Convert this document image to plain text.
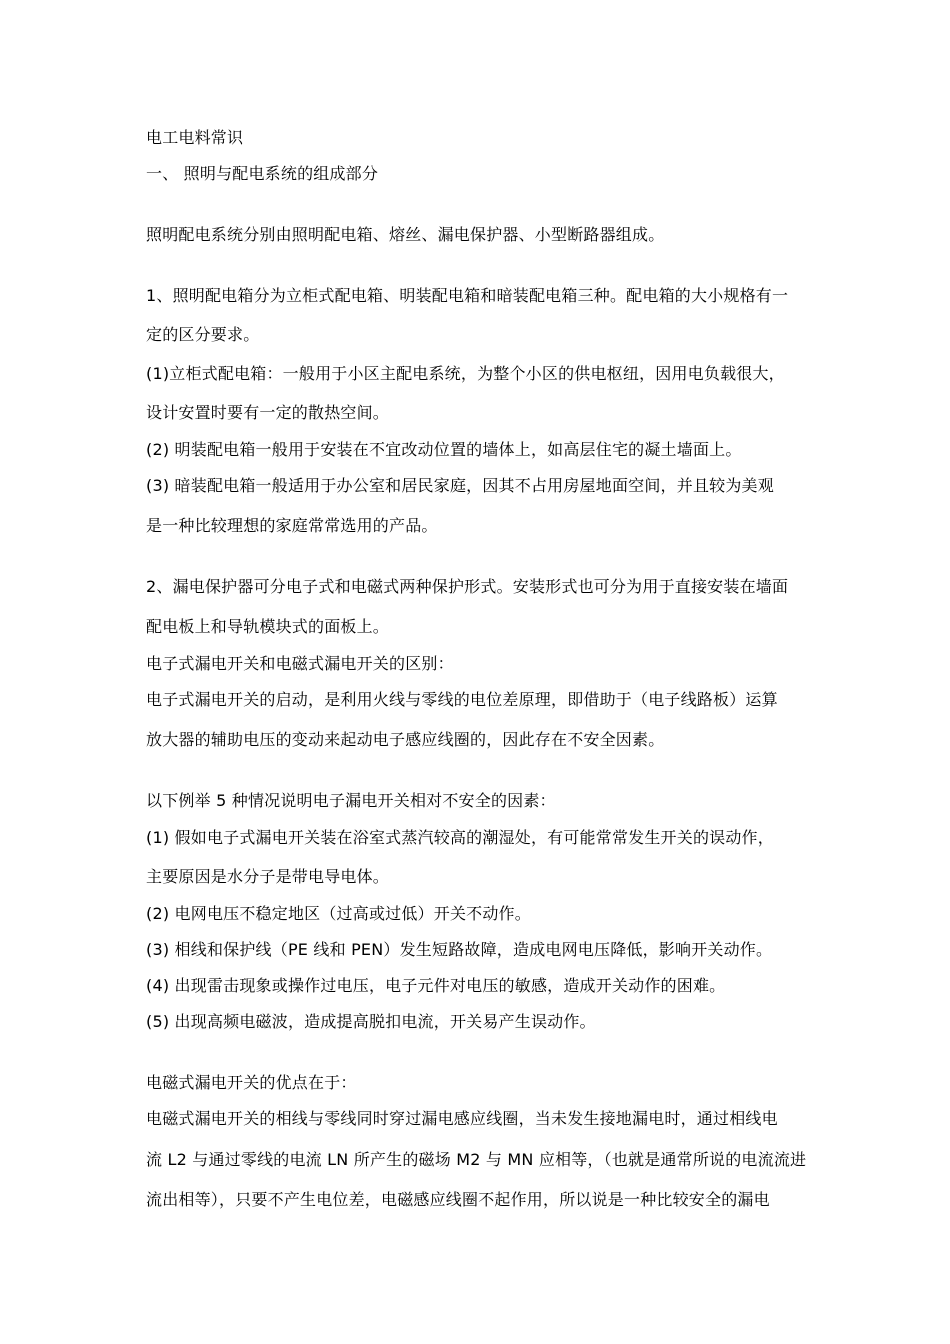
电工电料常识
一、 照明与配电系统的组成部分
照明配电系统分别由照明配电箱、熔丝、漏电保护器、小型断路器组成。
1、照明配电箱分为立柜式配电箱、明装配电箱和暗装配电箱三种。配电箱的大小规格有一
定的区分要求。
(1)立柜式配电箱：一般用于小区主配电系统，为整个小区的供电枢纽，因用电负载很大，
设计安置时要有一定的散热空间。
(2) 明装配电箱一般用于安装在不宜改动位置的墙体上，如高层住宅的凝土墙面上。
(3) 暗装配电箱一般适用于办公室和居民家庭，因其不占用房屋地面空间，并且较为美观
是一种比较理想的家庭常常选用的产品。
2、漏电保护器可分电子式和电磁式两种保护形式。安装形式也可分为用于直接安装在墙面
配电板上和导轨模块式的面板上。
电子式漏电开关和电磁式漏电开关的区别：
电子式漏电开关的启动，是利用火线与零线的电位差原理，即借助于（电子线路板）运算
放大器的辅助电压的变动来起动电子感应线圈的，因此存在不安全因素。
以下例举 5 种情况说明电子漏电开关相对不安全的因素：
(1) 假如电子式漏电开关装在浴室式蒸汽较高的潮湿处，有可能常常发生开关的误动作，
主要原因是水分子是带电导电体。
(2) 电网电压不稳定地区（过高或过低）开关不动作。
(3) 相线和保护线（PE 线和 PEN）发生短路故障，造成电网电压降低，影响开关动作。
(4) 出现雷击现象或操作过电压，电子元件对电压的敏感，造成开关动作的困难。
(5) 出现高频电磁波，造成提高脱扣电流，开关易产生误动作。
电磁式漏电开关的优点在于：
电磁式漏电开关的相线与零线同时穿过漏电感应线圈，当未发生接地漏电时，通过相线电
流 L2 与通过零线的电流 LN 所产生的磁场 M2 与 MN 应相等，（也就是通常所说的电流流进
流出相等），只要不产生电位差，电磁感应线圈不起作用，所以说是一种比较安全的漏电
